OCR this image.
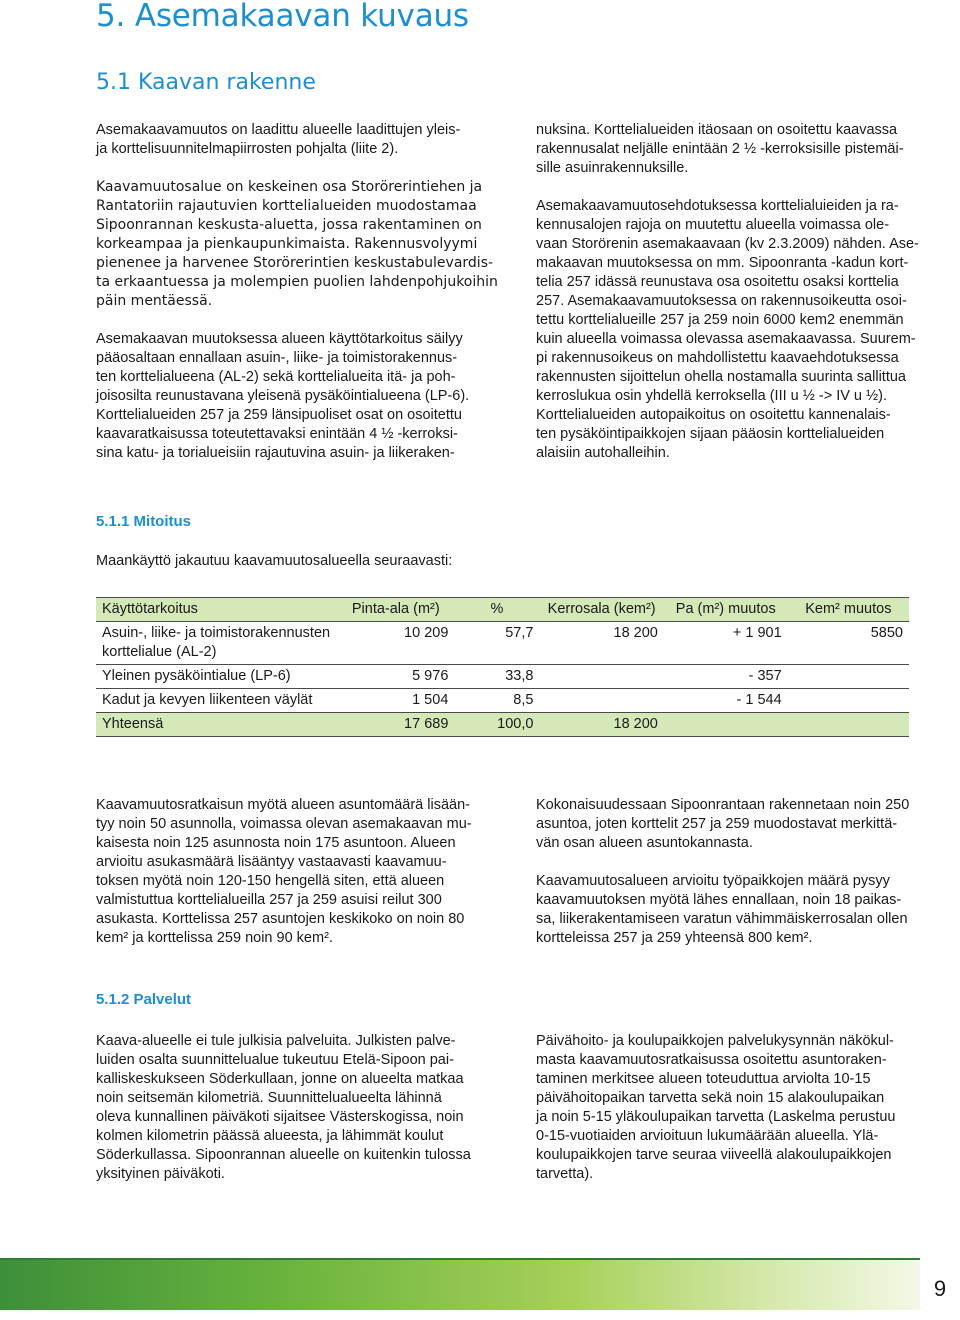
5. Asemakaavan kuvaus
5.1 Kaavan rakenne

Asemakaavamuutos on laadittu alueelle laadittujen yleis-
ja korttelisuunnitelmapiirrosten pohjalta (liite 2).

Kaavamuutosalue on keskeinen osa Storörerintiehen ja
Rantatoriin rajautuvien korttelialueiden muodostamaa
Sipoonrannan keskusta-aluetta, jossa rakentaminen on
korkeampaa ja pienkaupunkimaista. Rakennusvolyymi
pienenee ja harvenee Storörerintien keskustabulevardis-
ta erkaantuessa ja molempien puolien lahdenpohjukoihin
päin mentäessä.

Asemakaavan muutoksessa alueen käyttötarkoitus säilyy
pääosaltaan ennallaan asuin-, liike- ja toimistorakennus-
ten korttelialueena (AL-2) sekä korttelialueita itä- ja poh-
joisosilta reunustavana yleisenä pysäköintialueena (LP-6).
Korttelialueiden 257 ja 259 länsipuoliset osat on osoitettu
kaavaratkaisussa toteutettavaksi enintään 4 ½ -kerroksi-
sina katu- ja torialueisiin rajautuvina asuin- ja liikeraken-

nuksina. Korttelialueiden itäosaan on osoitettu kaavassa
rakennusalat neljälle enintään 2 ½ -kerroksisille pistemäi-
sille asuinrakennuksille.

Asemakaavamuutosehdotuksessa korttelialuieiden ja ra-
kennusalojen rajoja on muutettu alueella voimassa ole-
vaan Storörenin asemakaavaan (kv 2.3.2009) nähden. Ase-
makaavan muutoksessa on mm. Sipoonranta -kadun kort-
telia 257 idässä reunustava osa osoitettu osaksi korttelia
257. Asemakaavamuutoksessa on rakennusoikeutta osoi-
tettu korttelialueille 257 ja 259 noin 6000 kem2 enemmän
kuin alueella voimassa olevassa asemakaavassa. Suurem-
pi rakennusoikeus on mahdollistettu kaavaehdotuksessa
rakennusten sijoittelun ohella nostamalla suurinta sallittua
kerroslukua osin yhdellä kerroksella (III u ½ -> IV u ½).
Korttelialueiden autopaikoitus on osoitettu kannenalais-
ten pysäköintipaikkojen sijaan pääosin korttelialueiden
alaisiin autohalleihin.

5.1.1 Mitoitus
Maankäyttö jakautuu kaavamuutosalueella seuraavasti:
Käyttötarkoitus	Pinta-ala (m²)	%	Kerrosala (kem²)	Pa (m²) muutos	Kem² muutos
Asuin-, liike- ja toimistorakennusten korttelialue (AL-2)	10 209	57,7	18 200	+ 1 901	5850
Yleinen pysäköintialue (LP-6)	5 976	33,8		- 357	
Kadut ja kevyen liikenteen väylät	1 504	8,5		- 1 544	
Yhteensä	17 689	100,0	18 200		

Kaavamuutosratkaisun myötä alueen asuntomäärä lisään-
tyy noin 50 asunnolla, voimassa olevan asemakaavan mu-
kaisesta noin 125 asunnosta noin 175 asuntoon. Alueen
arvioitu asukasmäärä lisääntyy vastaavasti kaavamuu-
toksen myötä noin 120-150 hengellä siten, että alueen
valmistuttua korttelialueilla 257 ja 259 asuisi reilut 300
asukasta. Korttelissa 257 asuntojen keskikoko on noin 80
kem² ja korttelissa 259 noin 90 kem².

Kokonaisuudessaan Sipoonrantaan rakennetaan noin 250
asuntoa, joten korttelit 257 ja 259 muodostavat merkittä-
vän osan alueen asuntokannasta.

Kaavamuutosalueen arvioitu työpaikkojen määrä pysyy
kaavamuutoksen myötä lähes ennallaan, noin 18 paikas-
sa, liikerakentamiseen varatun vähimmäiskerrosalan ollen
kortteleissa 257 ja 259 yhteensä 800 kem².

5.1.2 Palvelut

Kaava-alueelle ei tule julkisia palveluita. Julkisten palve-
luiden osalta suunnittelualue tukeutuu Etelä-Sipoon pai-
kalliskeskukseen Söderkullaan, jonne on alueelta matkaa
noin seitsemän kilometriä. Suunnittelualueelta lähinnä
oleva kunnallinen päiväkoti sijaitsee Västerskogissa, noin
kolmen kilometrin päässä alueesta, ja lähimmät koulut
Söderkullassa. Sipoonrannan alueelle on kuitenkin tulossa
yksityinen päiväkoti.

Päivähoito- ja koulupaikkojen palvelukysynnän näkökul-
masta kaavamuutosratkaisussa osoitettu asuntoraken-
taminen merkitsee alueen toteuduttua arviolta 10-15
päivähoitopaikan tarvetta sekä noin 15 alakoulupaikan
ja noin 5-15 yläkoulupaikan tarvetta (Laskelma perustuu
0-15-vuotiaiden arvioituun lukumäärään alueella. Ylä-
koulupaikkojen tarve seuraa viiveellä alakoulupaikkojen
tarvetta).

9
